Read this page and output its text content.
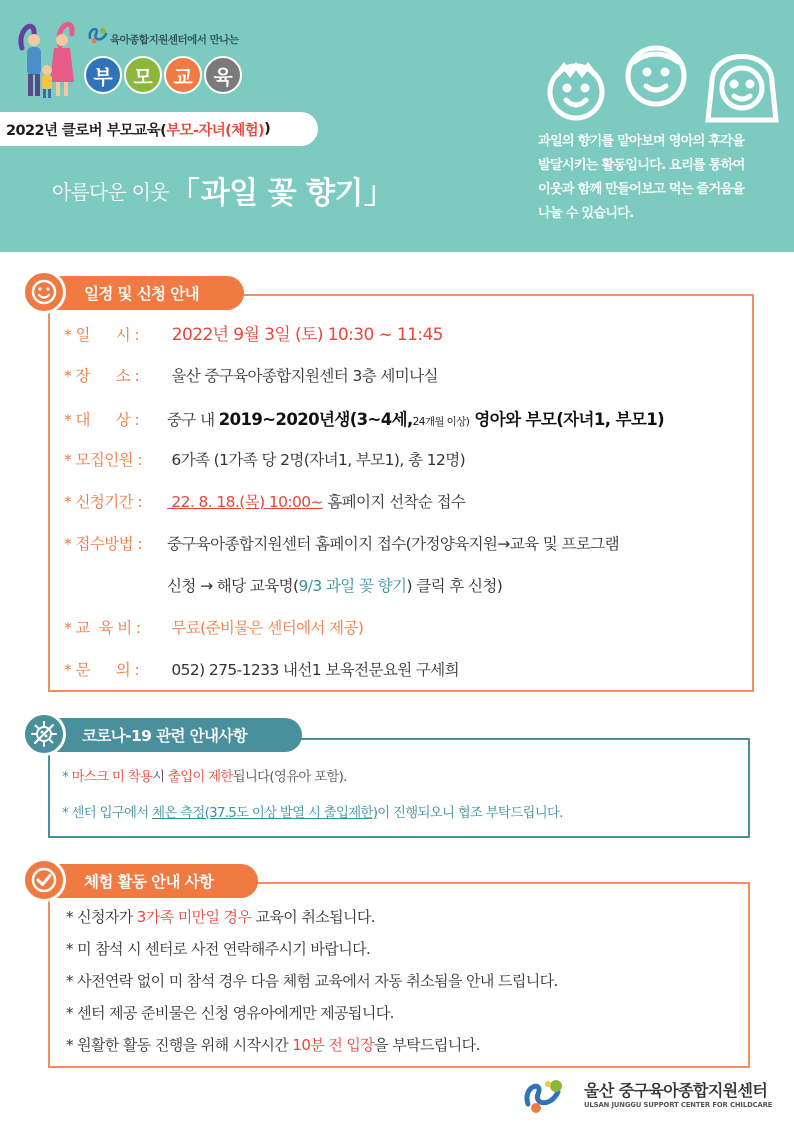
육아종합지원센터에서 만나는
부	모	교	육
2022년 클로버 부모교육( 부모-자녀(체험) )
아름다운 이웃 「 과일 꽃 향기 」
과일의 향기를 맡아보며 영아의 후각을
발달시키는 활동입니다. 요리를 통하여
이웃과 함께 만들어보고 먹는 즐거움을
나눌 수 있습니다.
일정 및 신청 안내
* 일      시 :	2022년 9월 3일 (토) 10:30 ~ 11:45
* 장      소 :	울산 중구육아종합지원센터 3층 세미나실
* 대      상 :	중구 내 2019~2020년생(3~4세, 24개월 이상) 영아와 부모(자녀1, 부모1)
* 모집인원 :	6가족 (1가족 당 2명(자녀1, 부모1), 총 12명)
* 신청기간 :	22. 8. 18.(목) 10:00~ 홈페이지 선착순 접수
* 접수방법 :	중구육아종합지원센터 홈페이지 접수(가정양육지원→교육 및 프로그램
신청 → 해당 교육명( 9/3 과일 꽃 향기 ) 클릭 후 신청)
* 교  육 비 :	무료(준비물은 센터에서 제공)
* 문      의 :	052) 275-1233 내선1 보육전문요원 구세희
코로나-19 관련 안내사항
* 마스크 미 착용시 출입이 제한됩니다(영유아 포함).
* 센터 입구에서 체온 측정(37.5도 이상 발열 시 출입제한)이 진행되오니 협조 부탁드립니다.
체험 활동 안내 사항
* 신청자가 3가족 미만일 경우 교육이 취소됩니다.
* 미 참석 시 센터로 사전 연락해주시기 바랍니다.
* 사전연락 없이 미 참석 경우 다음 체험 교육에서 자동 취소됨을 안내 드립니다.
* 센터 제공 준비물은 신청 영유아에게만 제공됩니다.
* 원활한 활동 진행을 위해 시작시간 10분 전 입장을 부탁드립니다.
울산 중구육아종합지원센터
ULSAN JUNGGU SUPPORT CENTER FOR CHILDCARE
